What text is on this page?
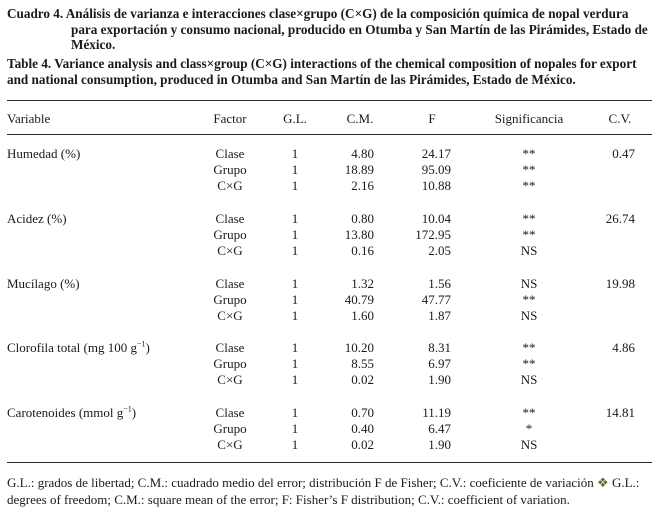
Cuadro 4. Análisis de varianza e interacciones clase×grupo (C×G) de la composición química de nopal verdura
para exportación y consumo nacional, producido en Otumba y San Martín de las Pirámides, Estado de
México.
Table 4. Variance analysis and class×group (C×G) interactions of the chemical composition of nopales for export
and national consumption, produced in Otumba and San Martín de las Pirámides, Estado de México.
Variable	Factor	G.L.	C.M.	F	Significancia	C.V.
Humedad (%)	0.47
Clase	1	4.80	24.17	**
Grupo	1	18.89	95.09	**
C×G	1	2.16	10.88	**
Acidez (%)	26.74
Clase	1	0.80	10.04	**
Grupo	1	13.80	172.95	**
C×G	1	0.16	2.05	NS
Mucílago (%)	19.98
Clase	1	1.32	1.56	NS
Grupo	1	40.79	47.77	**
C×G	1	1.60	1.87	NS
Clorofila total (mg 100 $g^{-1}$)	4.86
Clase	1	10.20	8.31	**
Grupo	1	8.55	6.97	**
C×G	1	0.02	1.90	NS
Carotenoides (mmol $g^{-1}$)	14.81
Clase	1	0.70	11.19	**
Grupo	1	0.40	6.47	*
C×G	1	0.02	1.90	NS
G.L.: grados de libertad; C.M.: cuadrado medio del error; distribución F de Fisher; C.V.: coeficiente de variación ❖ G.L.:
degrees of freedom; C.M.: square mean of the error; F: Fisher’s F distribution; C.V.: coefficient of variation.
